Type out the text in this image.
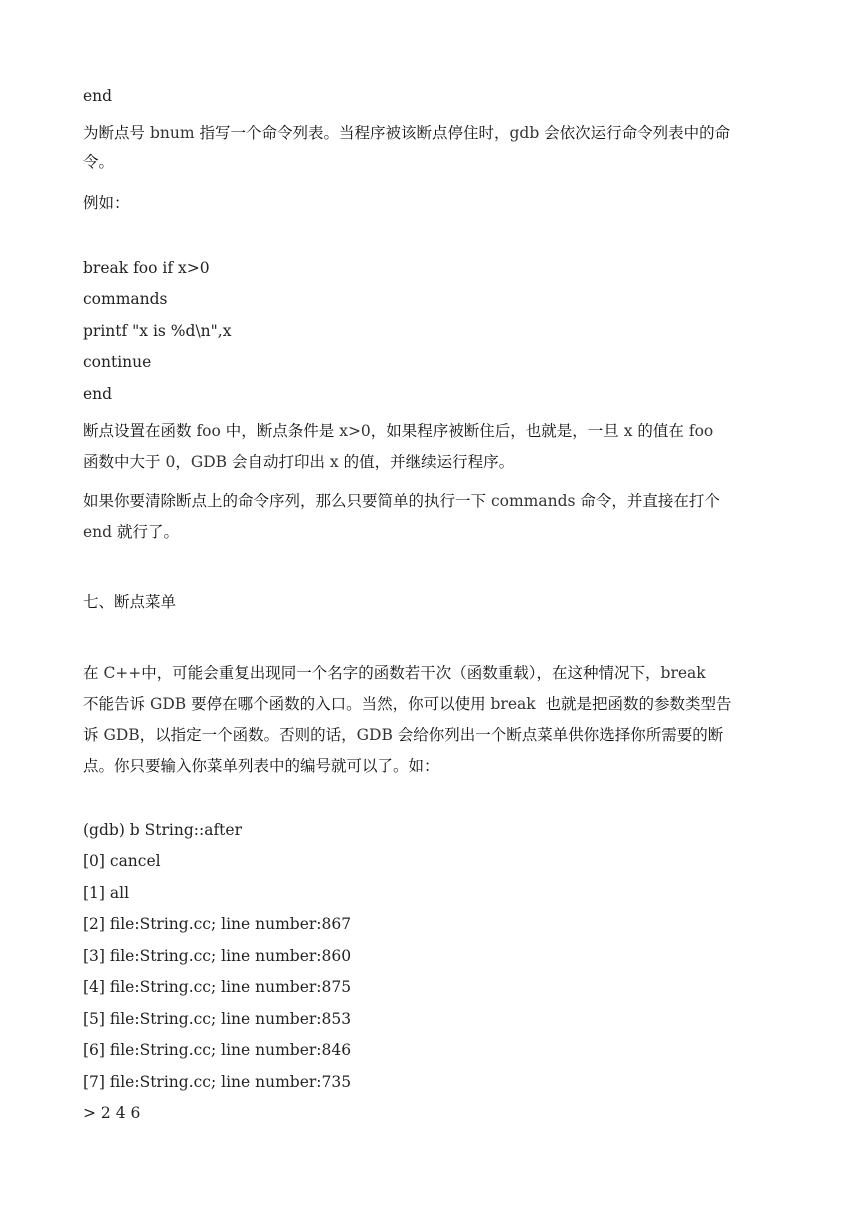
end
为断点号 bnum 指写一个命令列表。当程序被该断点停住时，gdb 会依次运行命令列表中的命
令。
例如：
break foo if x>0
commands
printf "x is %d\n",x
continue
end
断点设置在函数 foo 中，断点条件是 x>0，如果程序被断住后，也就是，一旦 x 的值在 foo
函数中大于 0，GDB 会自动打印出 x 的值，并继续运行程序。
如果你要清除断点上的命令序列，那么只要简单的执行一下 commands 命令，并直接在打个
end 就行了。
七、断点菜单
在 C++中，可能会重复出现同一个名字的函数若干次（函数重载），在这种情况下，break
不能告诉 GDB 要停在哪个函数的入口。当然，你可以使用 break  也就是把函数的参数类型告
诉 GDB，以指定一个函数。否则的话，GDB 会给你列出一个断点菜单供你选择你所需要的断
点。你只要输入你菜单列表中的编号就可以了。如：
(gdb) b String::after
[0] cancel
[1] all
[2] file:String.cc; line number:867
[3] file:String.cc; line number:860
[4] file:String.cc; line number:875
[5] file:String.cc; line number:853
[6] file:String.cc; line number:846
[7] file:String.cc; line number:735
> 2 4 6
